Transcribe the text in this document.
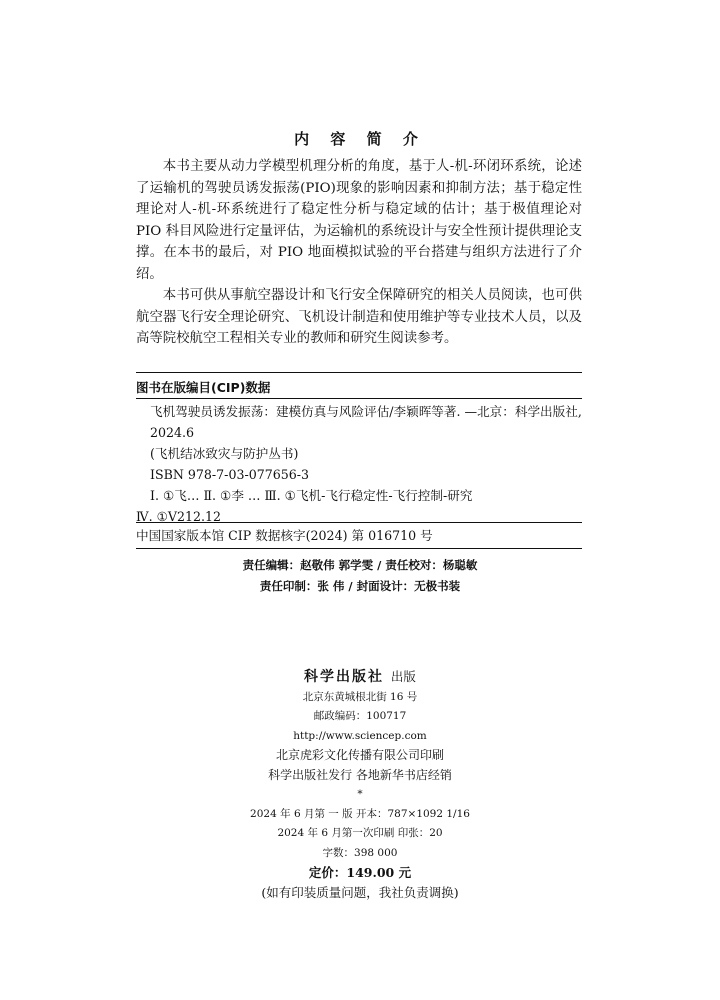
内 容 简 介

本书主要从动力学模型机理分析的角度，基于人-机-环闭环系统，论述了运输机的驾驶员诱发振荡(PIO)现象的影响因素和抑制方法；基于稳定性理论对人-机-环系统进行了稳定性分析与稳定域的估计；基于极值理论对 PIO 科目风险进行定量评估，为运输机的系统设计与安全性预计提供理论支撑。在本书的最后，对 PIO 地面模拟试验的平台搭建与组织方法进行了介绍。

本书可供从事航空器设计和飞行安全保障研究的相关人员阅读，也可供航空器飞行安全理论研究、飞机设计制造和使用维护等专业技术人员，以及高等院校航空工程相关专业的教师和研究生阅读参考。

图书在版编目(CIP)数据
飞机驾驶员诱发振荡：建模仿真与风险评估/李颖晖等著. —北京：科学出版社, 2024.6
(飞机结冰致灾与防护丛书)
ISBN 978-7-03-077656-3
Ⅰ. ①飞… Ⅱ. ①李 … Ⅲ. ①飞机-飞行稳定性-飞行控制-研究
Ⅳ. ①V212.12
中国国家版本馆 CIP 数据核字(2024) 第 016710 号
责任编辑：赵敬伟 郭学雯 / 责任校对：杨聪敏
责任印制：张 伟 / 封面设计：无极书装
科学出版社 出版
北京东黄城根北街 16 号
邮政编码：100717
http://www.sciencep.com
北京虎彩文化传播有限公司印刷
科学出版社发行 各地新华书店经销
*
2024 年 6 月第 一 版 开本：787×1092 1/16
2024 年 6 月第一次印刷 印张：20
字数：398 000
定价：149.00 元
(如有印装质量问题，我社负责调换)
